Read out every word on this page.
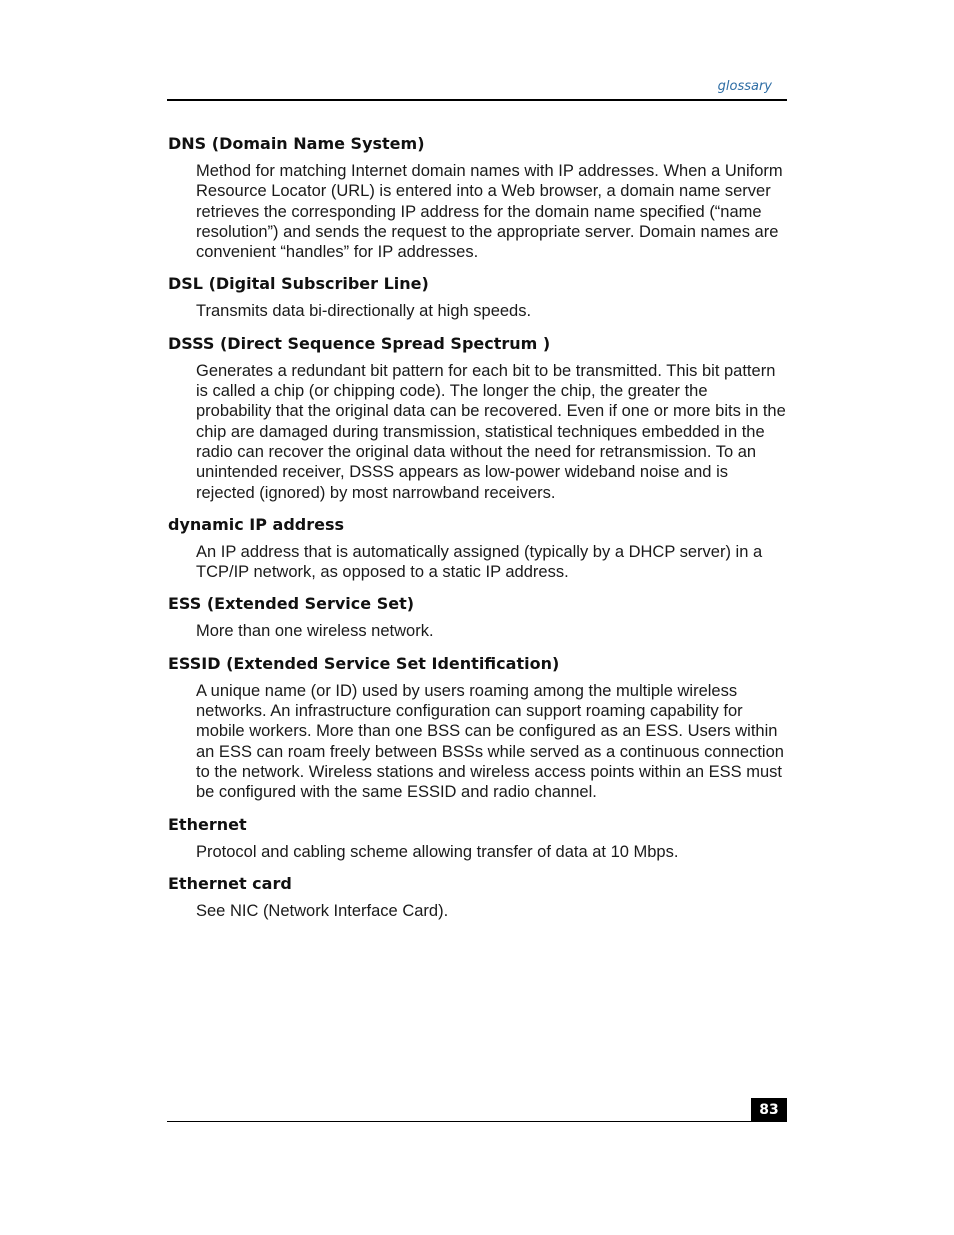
glossary
DNS (Domain Name System)
Method for matching Internet domain names with IP addresses. When a Uniform Resource Locator (URL) is entered into a Web browser, a domain name server retrieves the corresponding IP address for the domain name specified (“name resolution”) and sends the request to the appropriate server. Domain names are convenient “handles” for IP addresses.
DSL (Digital Subscriber Line)
Transmits data bi-directionally at high speeds.
DSSS (Direct Sequence Spread Spectrum )
Generates a redundant bit pattern for each bit to be transmitted. This bit pattern is called a chip (or chipping code). The longer the chip, the greater the probability that the original data can be recovered. Even if one or more bits in the chip are damaged during transmission, statistical techniques embedded in the radio can recover the original data without the need for retransmission. To an unintended receiver, DSSS appears as low-power wideband noise and is rejected (ignored) by most narrowband receivers.
dynamic IP address
An IP address that is automatically assigned (typically by a DHCP server) in a TCP/IP network, as opposed to a static IP address.
ESS (Extended Service Set)
More than one wireless network.
ESSID (Extended Service Set Identification)
A unique name (or ID) used by users roaming among the multiple wireless networks. An infrastructure configuration can support roaming capability for mobile workers. More than one BSS can be configured as an ESS. Users within an ESS can roam freely between BSSs while served as a continuous connection to the network. Wireless stations and wireless access points within an ESS must be configured with the same ESSID and radio channel.
Ethernet
Protocol and cabling scheme allowing transfer of data at 10 Mbps.
Ethernet card
See NIC (Network Interface Card).
83
